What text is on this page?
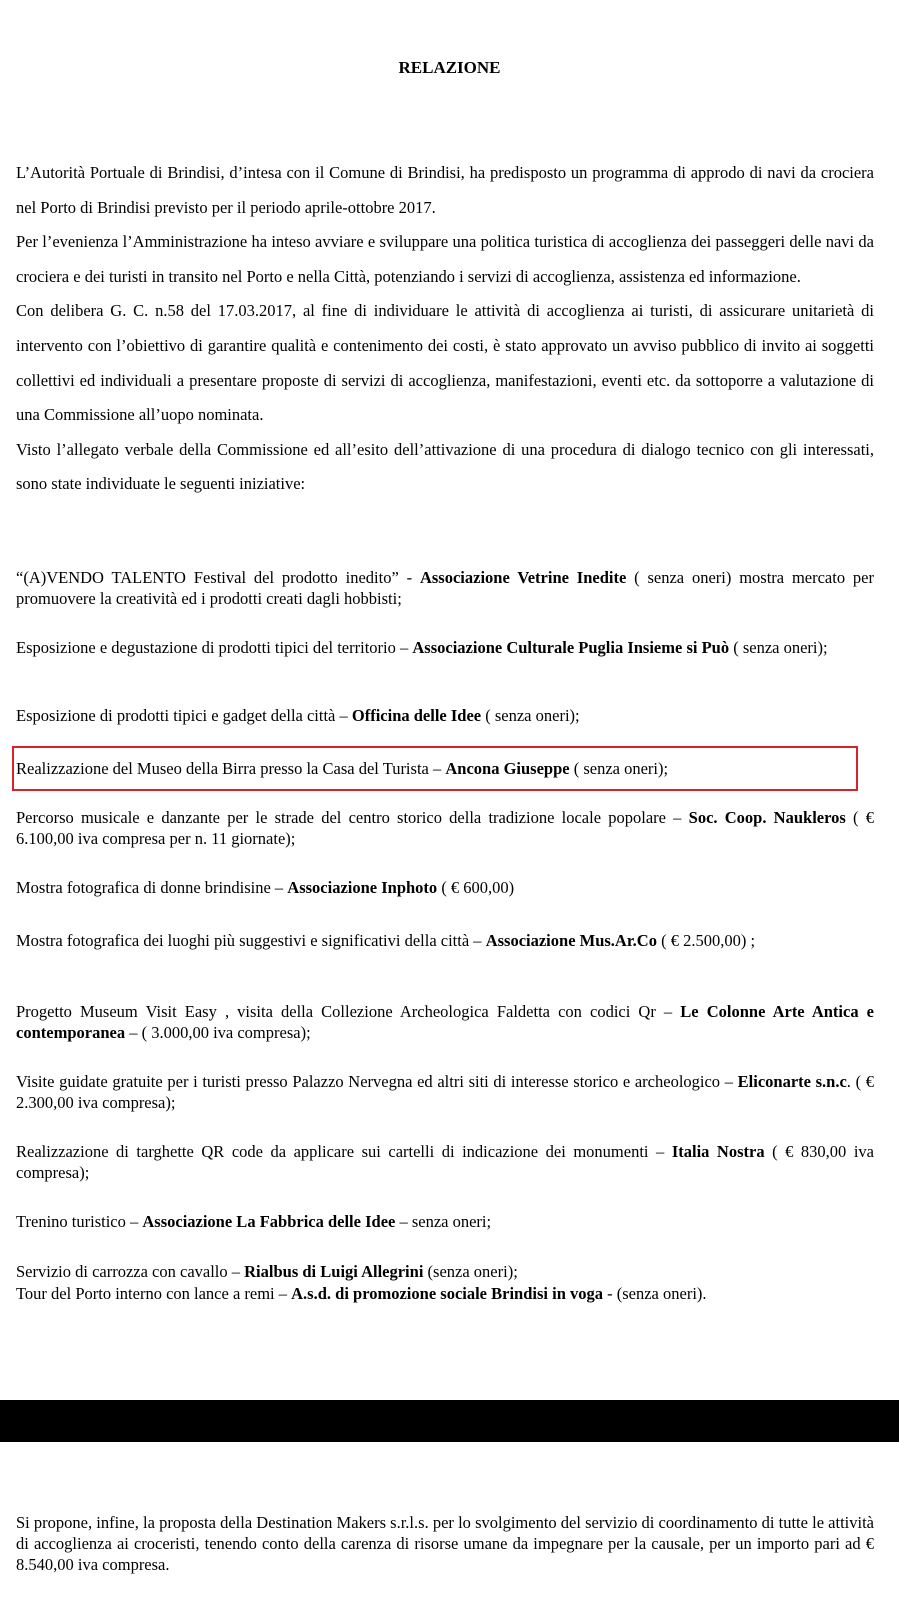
RELAZIONE

L’Autorità Portuale di Brindisi, d’intesa con il Comune di Brindisi, ha predisposto un programma di approdo di navi da crociera nel Porto di Brindisi previsto per il periodo aprile-ottobre 2017.

Per l’evenienza l’Amministrazione ha inteso avviare e sviluppare una politica turistica di accoglienza dei passeggeri delle navi da crociera e dei turisti in transito nel Porto e nella Città, potenziando i servizi di accoglienza, assistenza ed informazione.

Con delibera G. C. n.58 del 17.03.2017, al fine di individuare le attività di accoglienza ai turisti, di assicurare unitarietà di intervento con l’obiettivo di garantire qualità e contenimento dei costi, è stato approvato un avviso pubblico di invito ai soggetti collettivi ed individuali a presentare proposte di servizi di accoglienza, manifestazioni, eventi etc. da sottoporre a valutazione di una Commissione all’uopo nominata.

Visto l’allegato verbale della Commissione ed all’esito dell’attivazione di una procedura di dialogo tecnico con gli interessati, sono state individuate le seguenti iniziative:

“(A)VENDO TALENTO Festival del prodotto inedito” - Associazione Vetrine Inedite ( senza oneri) mostra mercato per promuovere la creatività ed i prodotti creati dagli hobbisti;

Esposizione e degustazione di prodotti tipici del territorio – Associazione Culturale Puglia Insieme si Può ( senza oneri);

Esposizione di prodotti tipici e gadget della città – Officina delle Idee ( senza oneri);

Realizzazione del Museo della Birra presso la Casa del Turista – Ancona Giuseppe ( senza oneri);

Percorso musicale e danzante per le strade del centro storico della tradizione locale popolare – Soc. Coop. Naukleros ( € 6.100,00 iva compresa per n. 11 giornate);

Mostra fotografica di donne brindisine – Associazione Inphoto ( € 600,00)

Mostra fotografica dei luoghi più suggestivi e significativi della città – Associazione Mus.Ar.Co ( € 2.500,00) ;

Progetto Museum Visit Easy , visita della Collezione Archeologica Faldetta con codici Qr – Le Colonne Arte Antica e contemporanea – ( 3.000,00 iva compresa);

Visite guidate gratuite per i turisti presso Palazzo Nervegna ed altri siti di interesse storico e archeologico – Eliconarte s.n.c. ( € 2.300,00 iva compresa);

Realizzazione di targhette QR code da applicare sui cartelli di indicazione dei monumenti – Italia Nostra ( € 830,00 iva compresa);

Trenino turistico – Associazione La Fabbrica delle Idee – senza oneri;

Servizio di carrozza con cavallo – Rialbus di Luigi Allegrini (senza oneri);

Tour del Porto interno con lance a remi – A.s.d. di promozione sociale Brindisi in voga - (senza oneri).

Si propone, infine, la proposta della Destination Makers s.r.l.s. per lo svolgimento del servizio di coordinamento di tutte le attività di accoglienza ai croceristi, tenendo conto della carenza di risorse umane da impegnare per la causale, per un importo pari ad € 8.540,00 iva compresa.
